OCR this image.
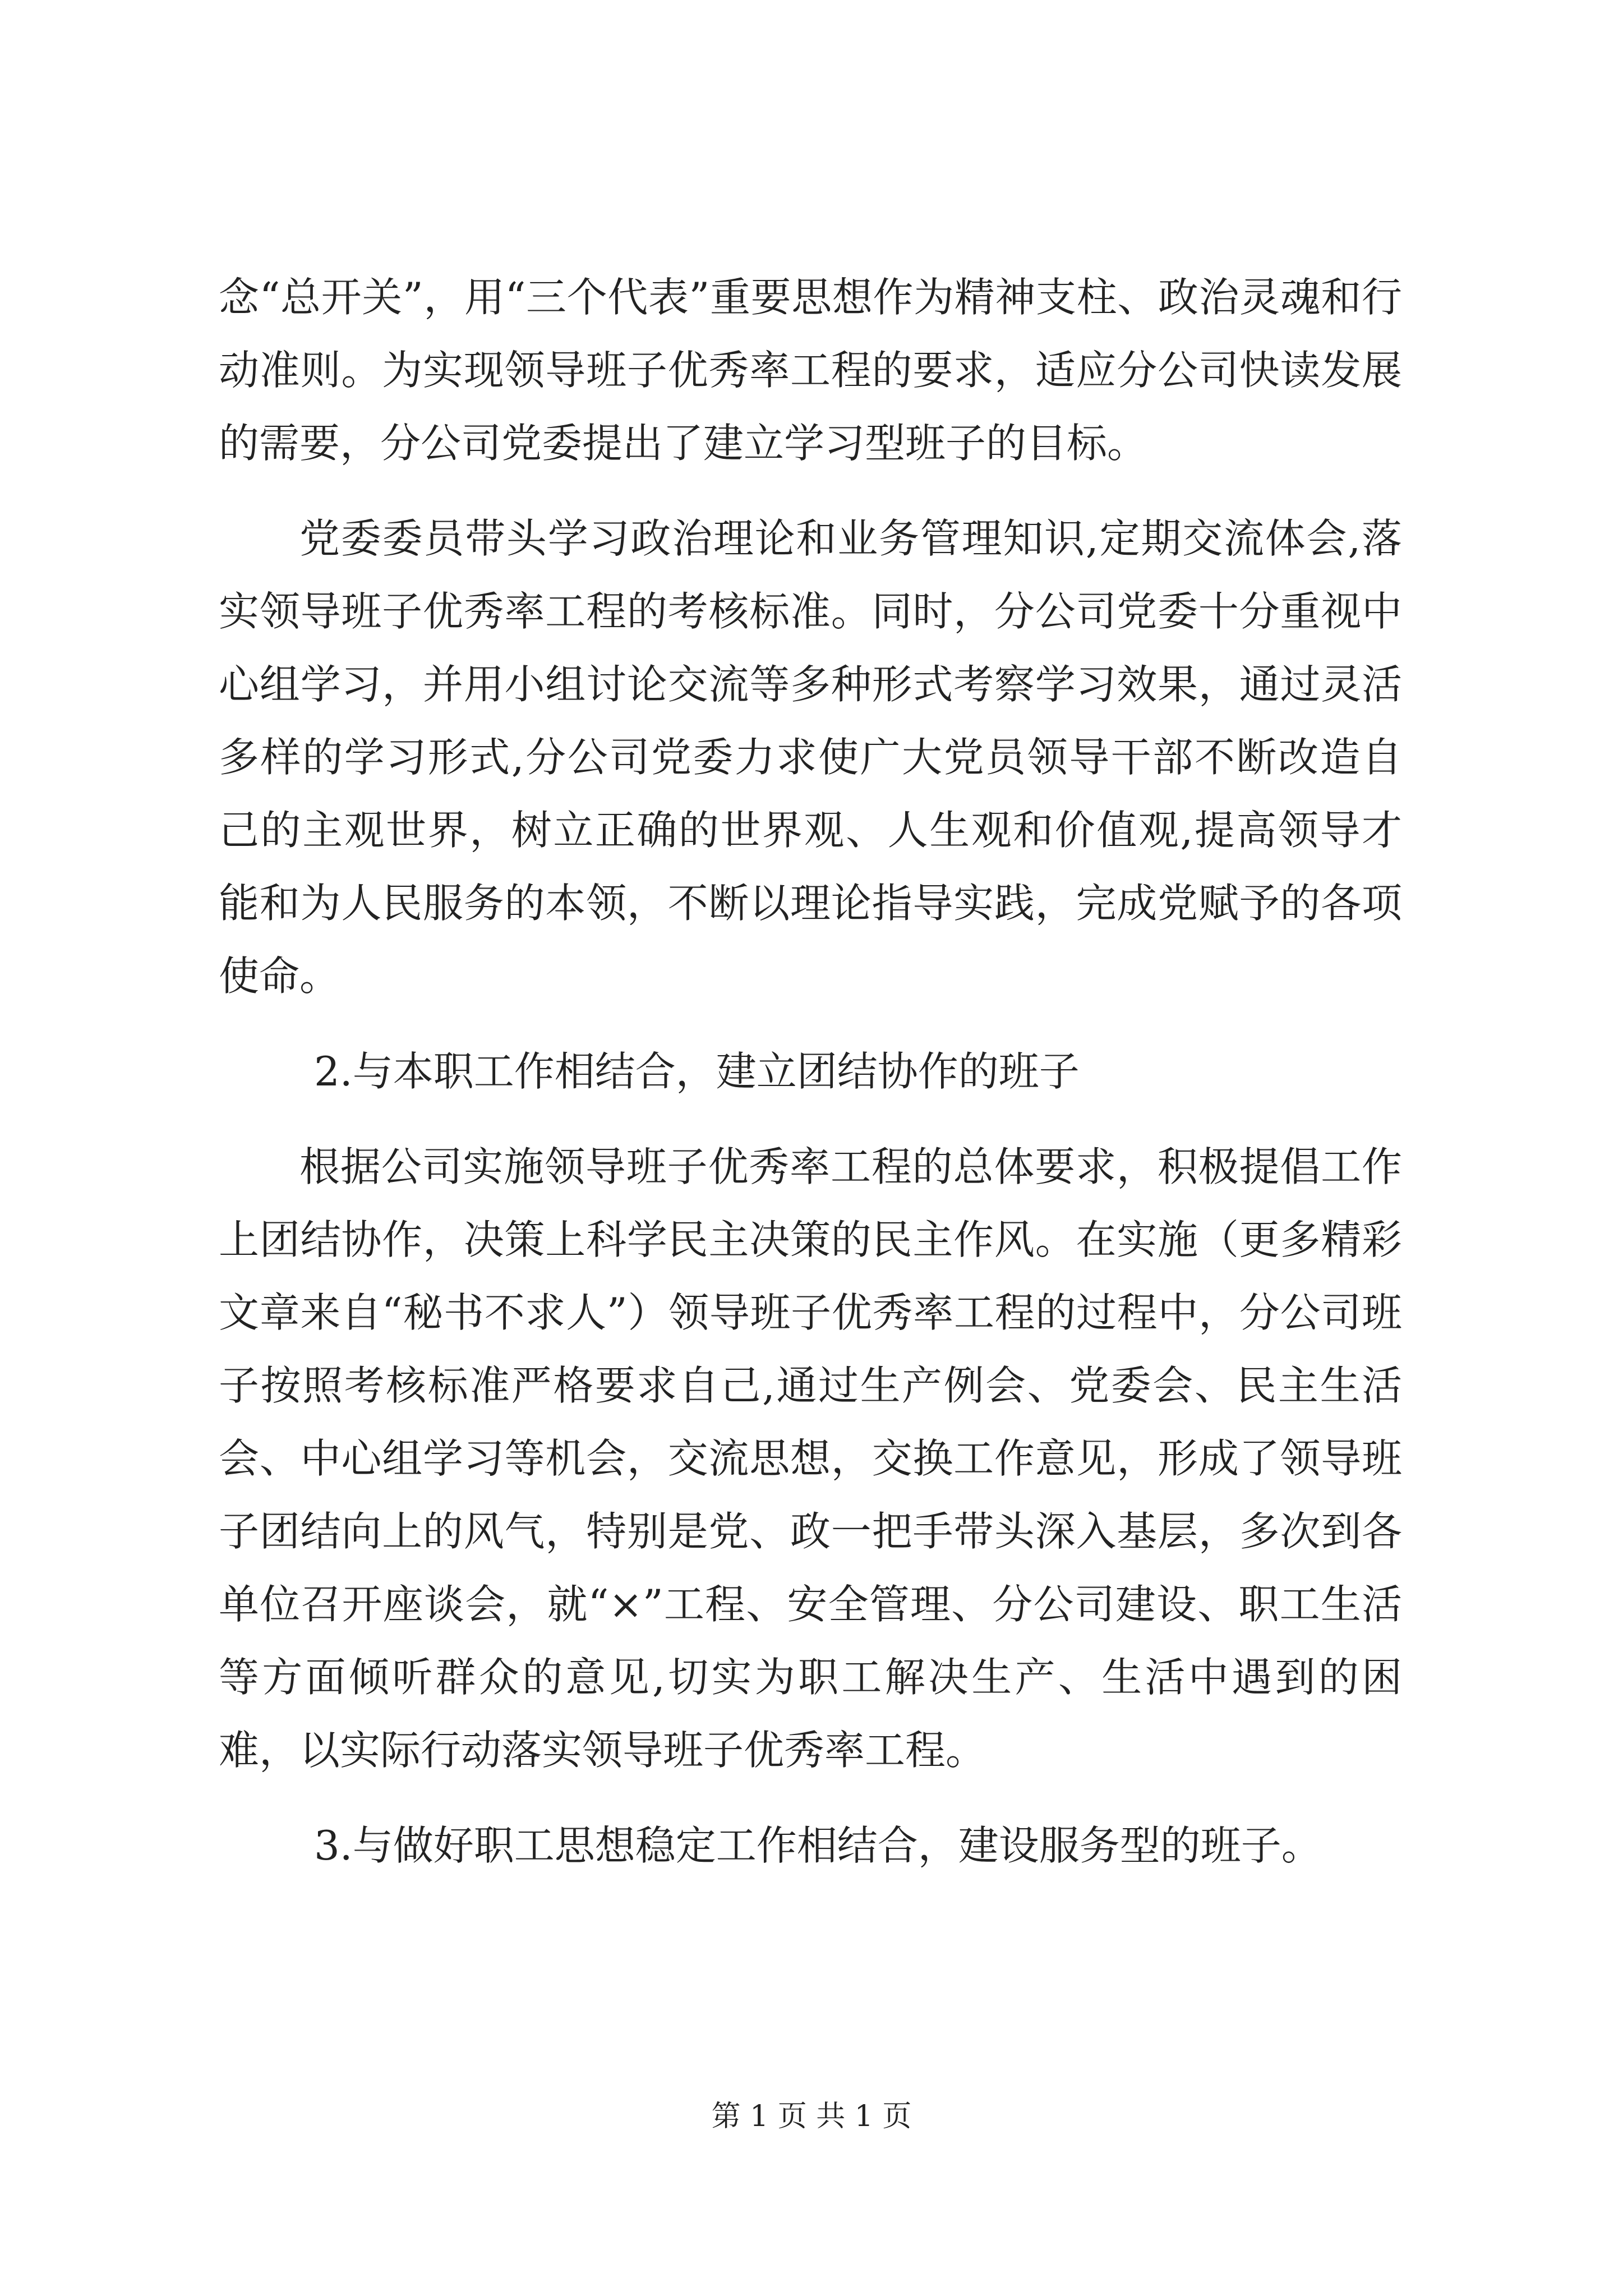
念“总开关”，用“三个代表”重要思想作为精神支柱、政治灵魂和行动准则。为实现领导班子优秀率工程的要求，适应分公司快读发展的需要，分公司党委提出了建立学习型班子的目标。

党委委员带头学习政治理论和业务管理知识,定期交流体会,落实领导班子优秀率工程的考核标准。同时，分公司党委十分重视中心组学习，并用小组讨论交流等多种形式考察学习效果，通过灵活多样的学习形式,分公司党委力求使广大党员领导干部不断改造自己的主观世界，树立正确的世界观、人生观和价值观,提高领导才能和为人民服务的本领，不断以理论指导实践，完成党赋予的各项使命。

2.与本职工作相结合，建立团结协作的班子

根据公司实施领导班子优秀率工程的总体要求，积极提倡工作上团结协作，决策上科学民主决策的民主作风。在实施（更多精彩文章来自“秘书不求人”）领导班子优秀率工程的过程中，分公司班子按照考核标准严格要求自己,通过生产例会、党委会、民主生活会、中心组学习等机会，交流思想，交换工作意见，形成了领导班子团结向上的风气，特别是党、政一把手带头深入基层，多次到各单位召开座谈会，就“×”工程、安全管理、分公司建设、职工生活等方面倾听群众的意见,切实为职工解决生产、生活中遇到的困难，以实际行动落实领导班子优秀率工程。

3.与做好职工思想稳定工作相结合，建设服务型的班子。

第 1 页 共 1 页
